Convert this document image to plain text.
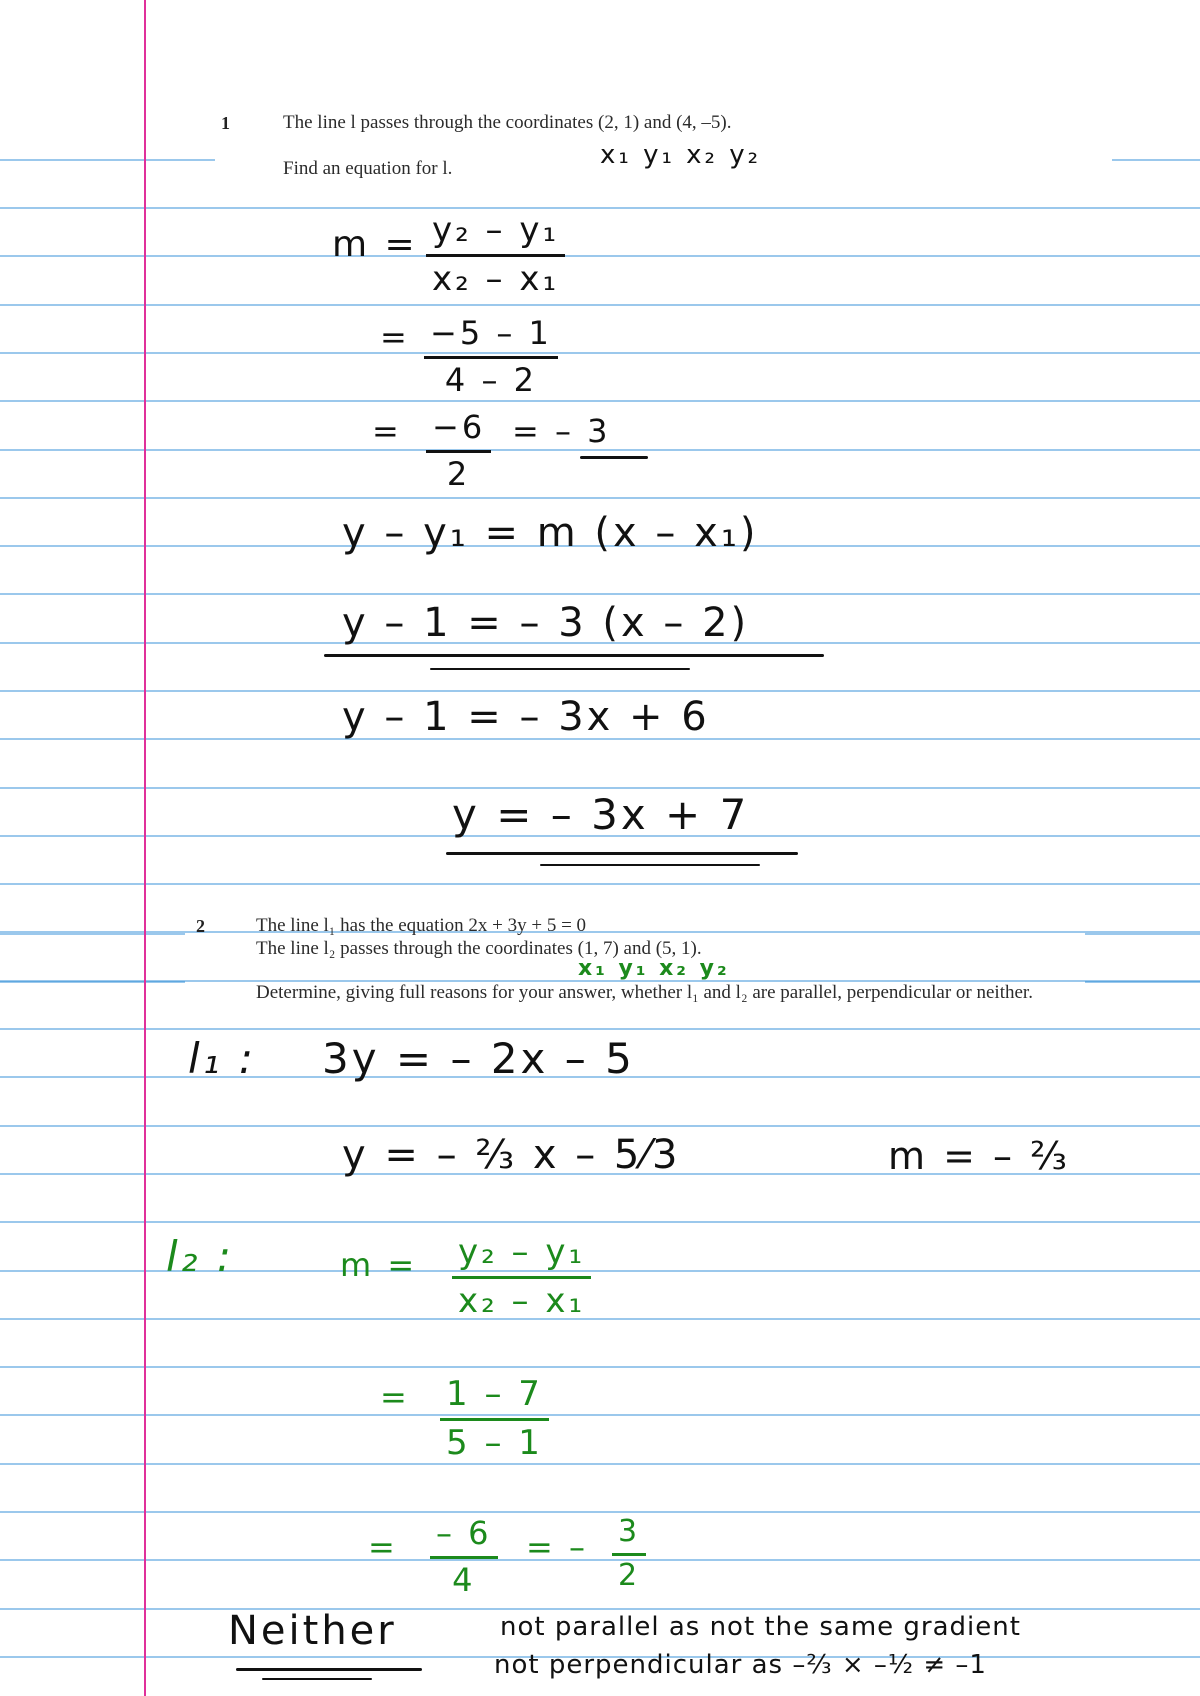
1	The line l passes through the coordinates (2, 1) and (4, –5).
Find an equation for l.	x₁ y₁ x₂ y₂
$m = \frac{\text{y₂ – y₁}}{\text{x₂ – x₁}}$
= $\frac{-5 - 1}{4 - 2}$
= $\frac{-6}{2}$ = – 3
y – y₁ = m (x – x₁)
y – 1 = – 3 (x – 2)
y – 1 = – 3x + 6
y = – 3x + 7
2	The line l₁ has the equation 2x + 3y + 5 = 0
The line l₂ passes through the coordinates (1, 7) and (5, 1).
x₁ y₁ x₂ y₂
Determine, giving full reasons for your answer, whether l₁ and l₂ are parallel, perpendicular or neither.
l₁ : 3y = – 2x – 5
y = – ⅔ x – 5⁄3	m = – ⅔
l₂ :	$m = \frac{\text{y₂ – y₁}}{\text{x₂ – x₁}}$
= $\frac{1 - 7}{5 - 1}$
= $\frac{- 6}{4}$ = – $\frac{3}{2}$
Neither	not parallel as not the same gradient
not perpendicular as –⅔ × –½ ≠ –1
